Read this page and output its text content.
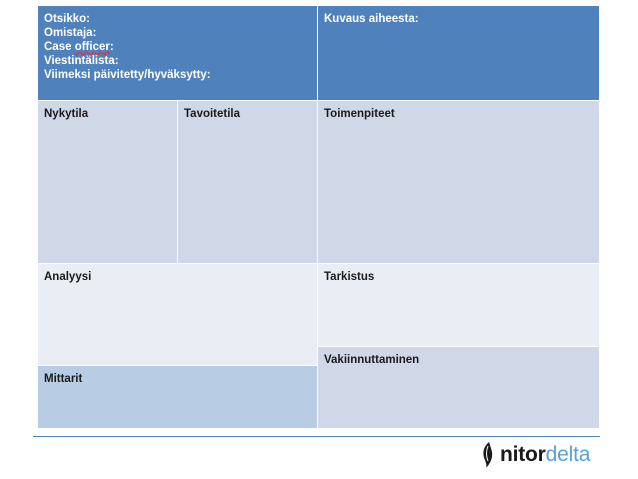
Otsikko:
Omistaja:
Case officer:
Viestintälista:
Viimeksi päivitetty/hyväksytty:
Kuvaus aiheesta:
Nykytila	Tavoitetila	Toimenpiteet
Analyysi	Tarkistus
Mittarit
Vakiinnuttaminen
nitordelta
